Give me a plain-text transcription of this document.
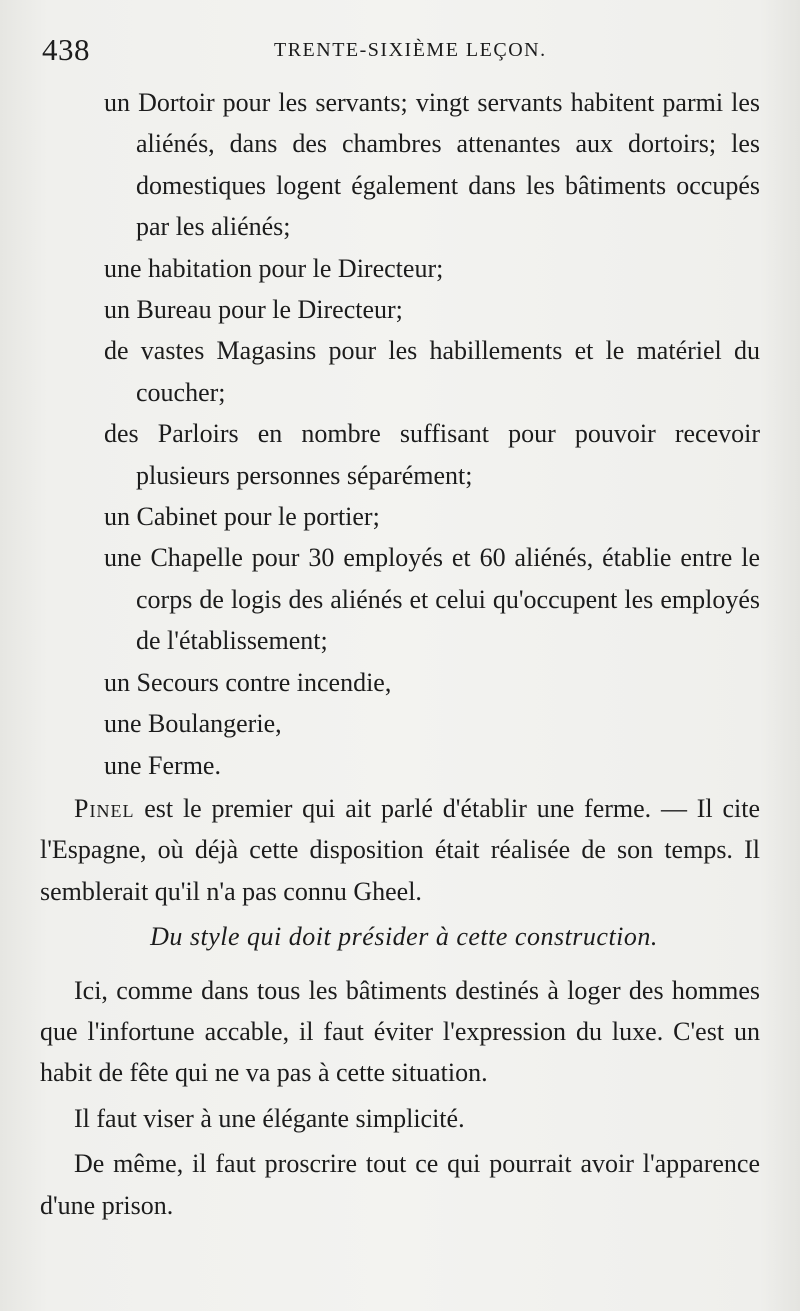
438	TRENTE-SIXIÈME LEÇON.
un Dortoir pour les servants; vingt servants habitent parmi les aliénés, dans des chambres attenantes aux dortoirs; les domestiques logent également dans les bâtiments occupés par les aliénés;
une habitation pour le Directeur;
un Bureau pour le Directeur;
de vastes Magasins pour les habillements et le matériel du coucher;
des Parloirs en nombre suffisant pour pouvoir recevoir plusieurs personnes séparément;
un Cabinet pour le portier;
une Chapelle pour 30 employés et 60 aliénés, établie entre le corps de logis des aliénés et celui qu'occupent les employés de l'établissement;
un Secours contre incendie,
une Boulangerie,
une Ferme.

Pinel est le premier qui ait parlé d'établir une ferme. — Il cite l'Espagne, où déjà cette disposition était réalisée de son temps. Il semblerait qu'il n'a pas connu Gheel.

Du style qui doit présider à cette construction.

Ici, comme dans tous les bâtiments destinés à loger des hommes que l'infortune accable, il faut éviter l'expression du luxe. C'est un habit de fête qui ne va pas à cette situation.

Il faut viser à une élégante simplicité.

De même, il faut proscrire tout ce qui pourrait avoir l'apparence d'une prison.
